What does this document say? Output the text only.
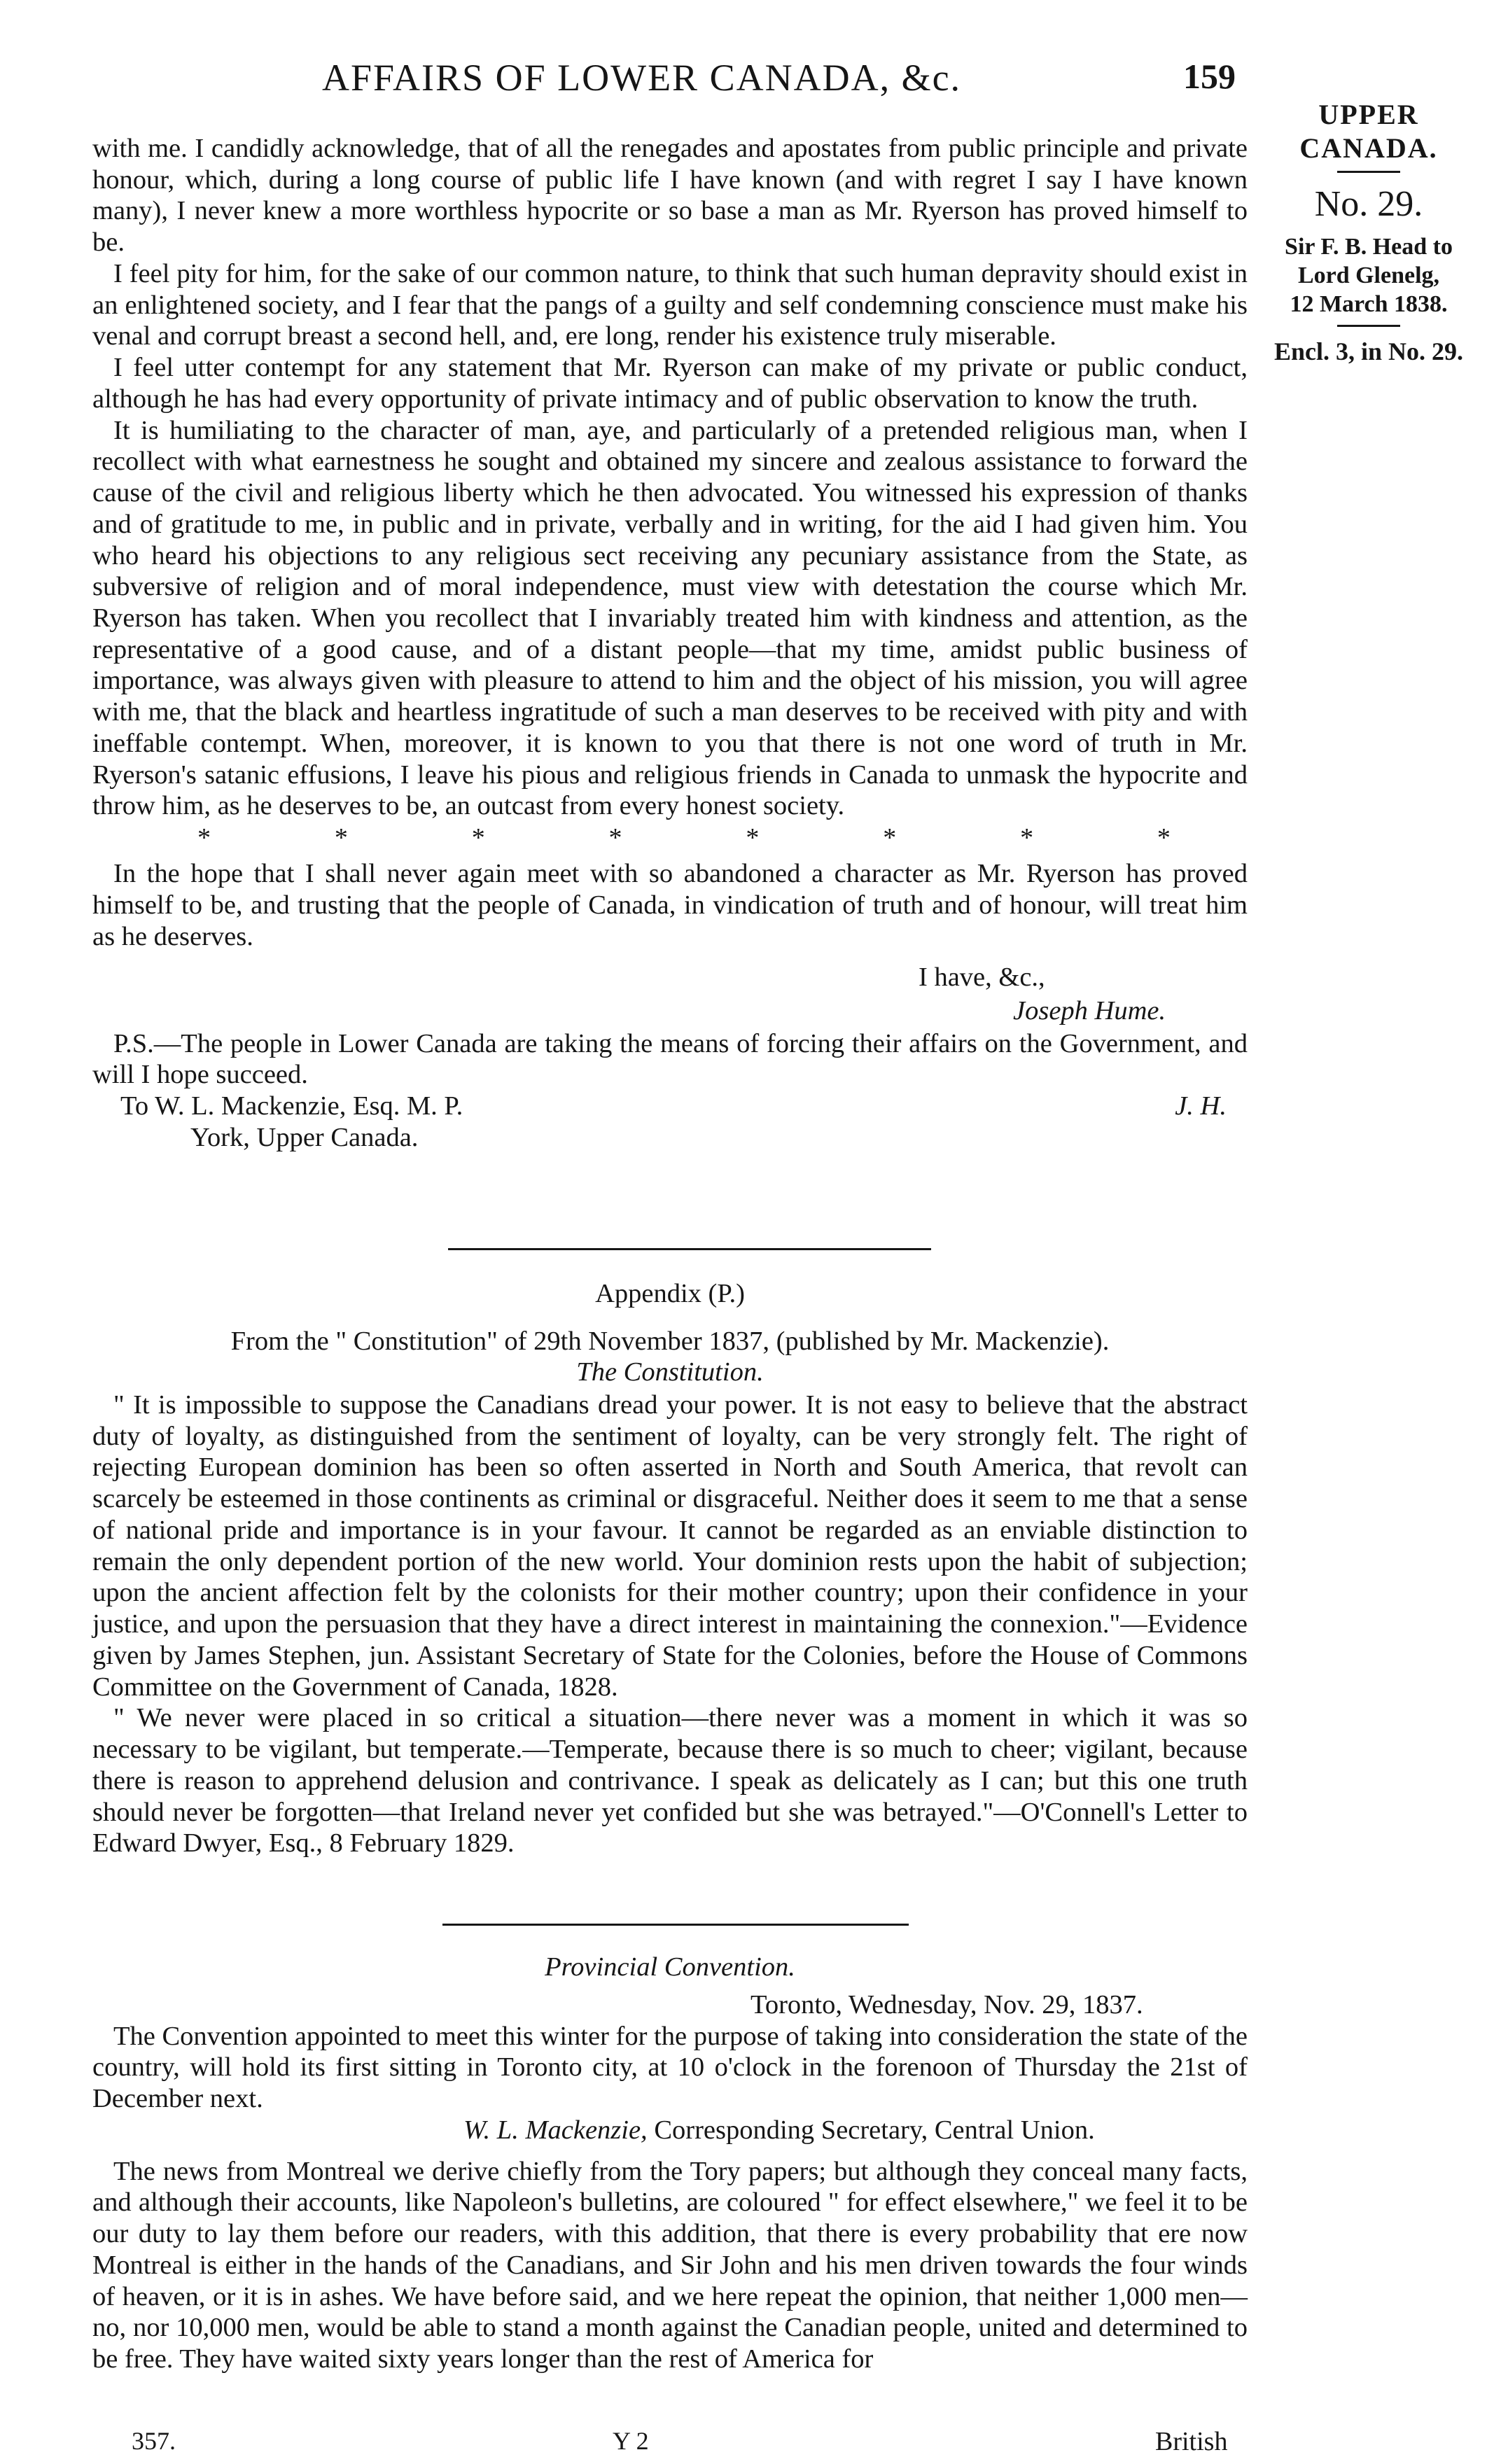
AFFAIRS OF LOWER CANADA, &c.	159
UPPER CANADA.
No. 29.
Sir F. B. Head to
Lord Glenelg,
12 March 1838.
Encl. 3, in No. 29.

with me. I candidly acknowledge, that of all the renegades and apostates from public principle and private honour, which, during a long course of public life I have known (and with regret I say I have known many), I never knew a more worthless hypocrite or so base a man as Mr. Ryerson has proved himself to be.

I feel pity for him, for the sake of our common nature, to think that such human depravity should exist in an enlightened society, and I fear that the pangs of a guilty and self condemning conscience must make his venal and corrupt breast a second hell, and, ere long, render his existence truly miserable.

I feel utter contempt for any statement that Mr. Ryerson can make of my private or public conduct, although he has had every opportunity of private intimacy and of public observation to know the truth.

It is humiliating to the character of man, aye, and particularly of a pretended religious man, when I recollect with what earnestness he sought and obtained my sincere and zealous assistance to forward the cause of the civil and religious liberty which he then advocated. You witnessed his expression of thanks and of gratitude to me, in public and in private, verbally and in writing, for the aid I had given him. You who heard his objections to any religious sect receiving any pecuniary assistance from the State, as subversive of religion and of moral independence, must view with detestation the course which Mr. Ryerson has taken. When you recollect that I invariably treated him with kindness and attention, as the representative of a good cause, and of a distant people—that my time, amidst public business of importance, was always given with pleasure to attend to him and the object of his mission, you will agree with me, that the black and heartless ingratitude of such a man deserves to be received with pity and with ineffable contempt. When, moreover, it is known to you that there is not one word of truth in Mr. Ryerson's satanic effusions, I leave his pious and religious friends in Canada to unmask the hypocrite and throw him, as he deserves to be, an outcast from every honest society.

*	*	*	*	*	*	*	*

In the hope that I shall never again meet with so abandoned a character as Mr. Ryerson has proved himself to be, and trusting that the people of Canada, in vindication of truth and of honour, will treat him as he deserves.

I have, &c.,
Joseph Hume.

P.S.—The people in Lower Canada are taking the means of forcing their affairs on the Government, and will I hope succeed.

To W. L. Mackenzie, Esq. M. P.	J. H.
York, Upper Canada.
Appendix (P.)
From the " Constitution" of 29th November 1837, (published by Mr. Mackenzie).
The Constitution.

" It is impossible to suppose the Canadians dread your power. It is not easy to believe that the abstract duty of loyalty, as distinguished from the sentiment of loyalty, can be very strongly felt. The right of rejecting European dominion has been so often asserted in North and South America, that revolt can scarcely be esteemed in those continents as criminal or disgraceful. Neither does it seem to me that a sense of national pride and importance is in your favour. It cannot be regarded as an enviable distinction to remain the only dependent portion of the new world. Your dominion rests upon the habit of subjection; upon the ancient affection felt by the colonists for their mother country; upon their confidence in your justice, and upon the persuasion that they have a direct interest in maintaining the connexion."—Evidence given by James Stephen, jun. Assistant Secretary of State for the Colonies, before the House of Commons Committee on the Government of Canada, 1828.

" We never were placed in so critical a situation—there never was a moment in which it was so necessary to be vigilant, but temperate.—Temperate, because there is so much to cheer; vigilant, because there is reason to apprehend delusion and contrivance. I speak as delicately as I can; but this one truth should never be forgotten—that Ireland never yet confided but she was betrayed."—O'Connell's Letter to Edward Dwyer, Esq., 8 February 1829.

Provincial Convention.
Toronto, Wednesday, Nov. 29, 1837.

The Convention appointed to meet this winter for the purpose of taking into consideration the state of the country, will hold its first sitting in Toronto city, at 10 o'clock in the forenoon of Thursday the 21st of December next.

W. L. Mackenzie, Corresponding Secretary, Central Union.

The news from Montreal we derive chiefly from the Tory papers; but although they conceal many facts, and although their accounts, like Napoleon's bulletins, are coloured " for effect elsewhere," we feel it to be our duty to lay them before our readers, with this addition, that there is every probability that ere now Montreal is either in the hands of the Canadians, and Sir John and his men driven towards the four winds of heaven, or it is in ashes. We have before said, and we here repeat the opinion, that neither 1,000 men—no, nor 10,000 men, would be able to stand a month against the Canadian people, united and determined to be free. They have waited sixty years longer than the rest of America for

357.	Y 2	British
